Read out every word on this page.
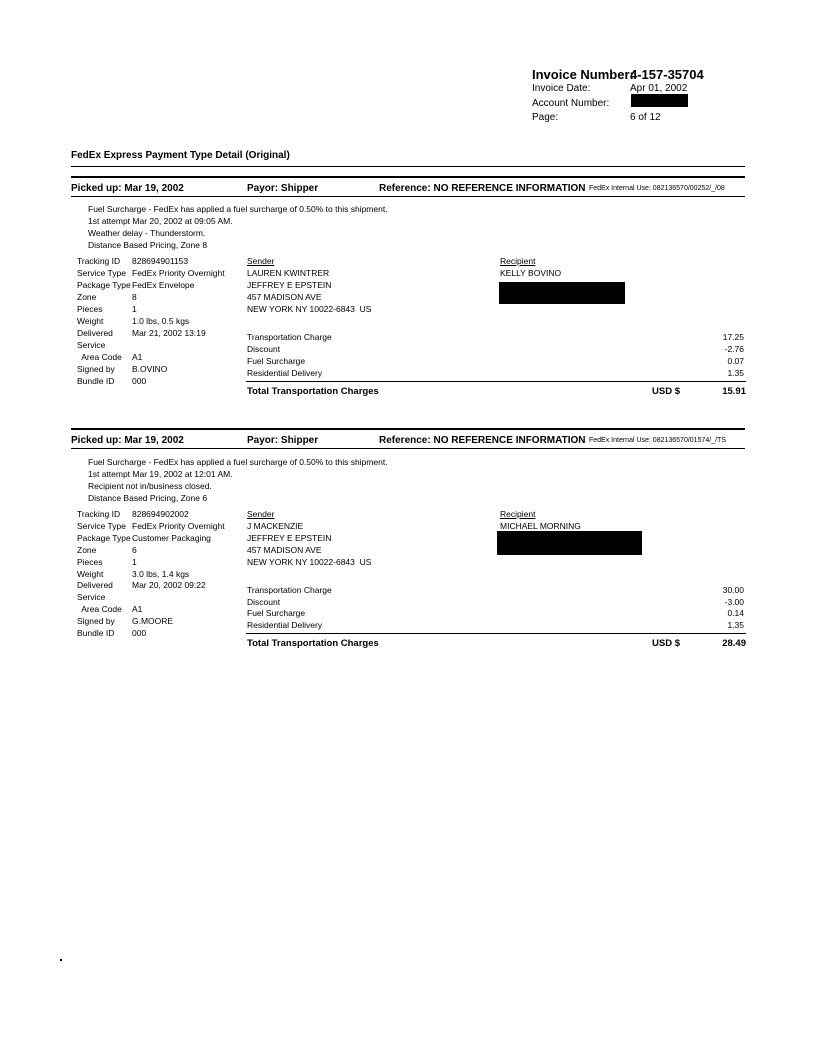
Invoice Number:
4-157-35704
Invoice Date:	Apr 01, 2002
Account Number:
Page:	6 of 12
FedEx Express Payment Type Detail (Original)
Picked up: Mar 19, 2002	Payor: Shipper	Reference: NO REFERENCE INFORMATION FedEx Internal Use: 082136570/00252/_/08
Fuel Surcharge - FedEx has applied a fuel surcharge of 0.50% to this shipment.
1st attempt Mar 20, 2002 at 09:05 AM.
Weather delay - Thunderstorm.
Distance Based Pricing, Zone 8
Tracking ID 828694901153
Service Type FedEx Priority Overnight
Package Type FedEx Envelope
Zone	8
Pieces	1
Weight	1.0 lbs, 0.5 kgs
Delivered Mar 21, 2002 13:19
Service
Area Code A1
Signed by B.OVINO
Bundle ID 000
Sender
LAUREN KWINTRER
JEFFREY E EPSTEIN
457 MADISON AVE
NEW YORK NY 10022-6843  US
Recipient
KELLY BOVINO
Transportation Charge	17.25
Discount	-2.76
Fuel Surcharge	0.07
Residential Delivery	1.35
Total Transportation Charges	USD $	15.91
Picked up: Mar 19, 2002	Payor: Shipper	Reference: NO REFERENCE INFORMATION FedEx Internal Use: 082136570/01574/_/TS
Fuel Surcharge - FedEx has applied a fuel surcharge of 0.50% to this shipment.
1st attempt Mar 19, 2002 at 12:01 AM.
Recipient not in/business closed.
Distance Based Pricing, Zone 6
Tracking ID 828694902002
Service Type FedEx Priority Overnight
Package Type Customer Packaging
Zone	6
Pieces	1
Weight	3.0 lbs, 1.4 kgs
Delivered Mar 20, 2002 09:22
Service
Area Code A1
Signed by G.MOORE
Bundle ID 000
Sender
J MACKENZIE
JEFFREY E EPSTEIN
457 MADISON AVE
NEW YORK NY 10022-6843  US
Recipient
MICHAEL MORNING
Transportation Charge	30.00
Discount	-3.00
Fuel Surcharge	0.14
Residential Delivery	1.35
Total Transportation Charges	USD $	28.49
